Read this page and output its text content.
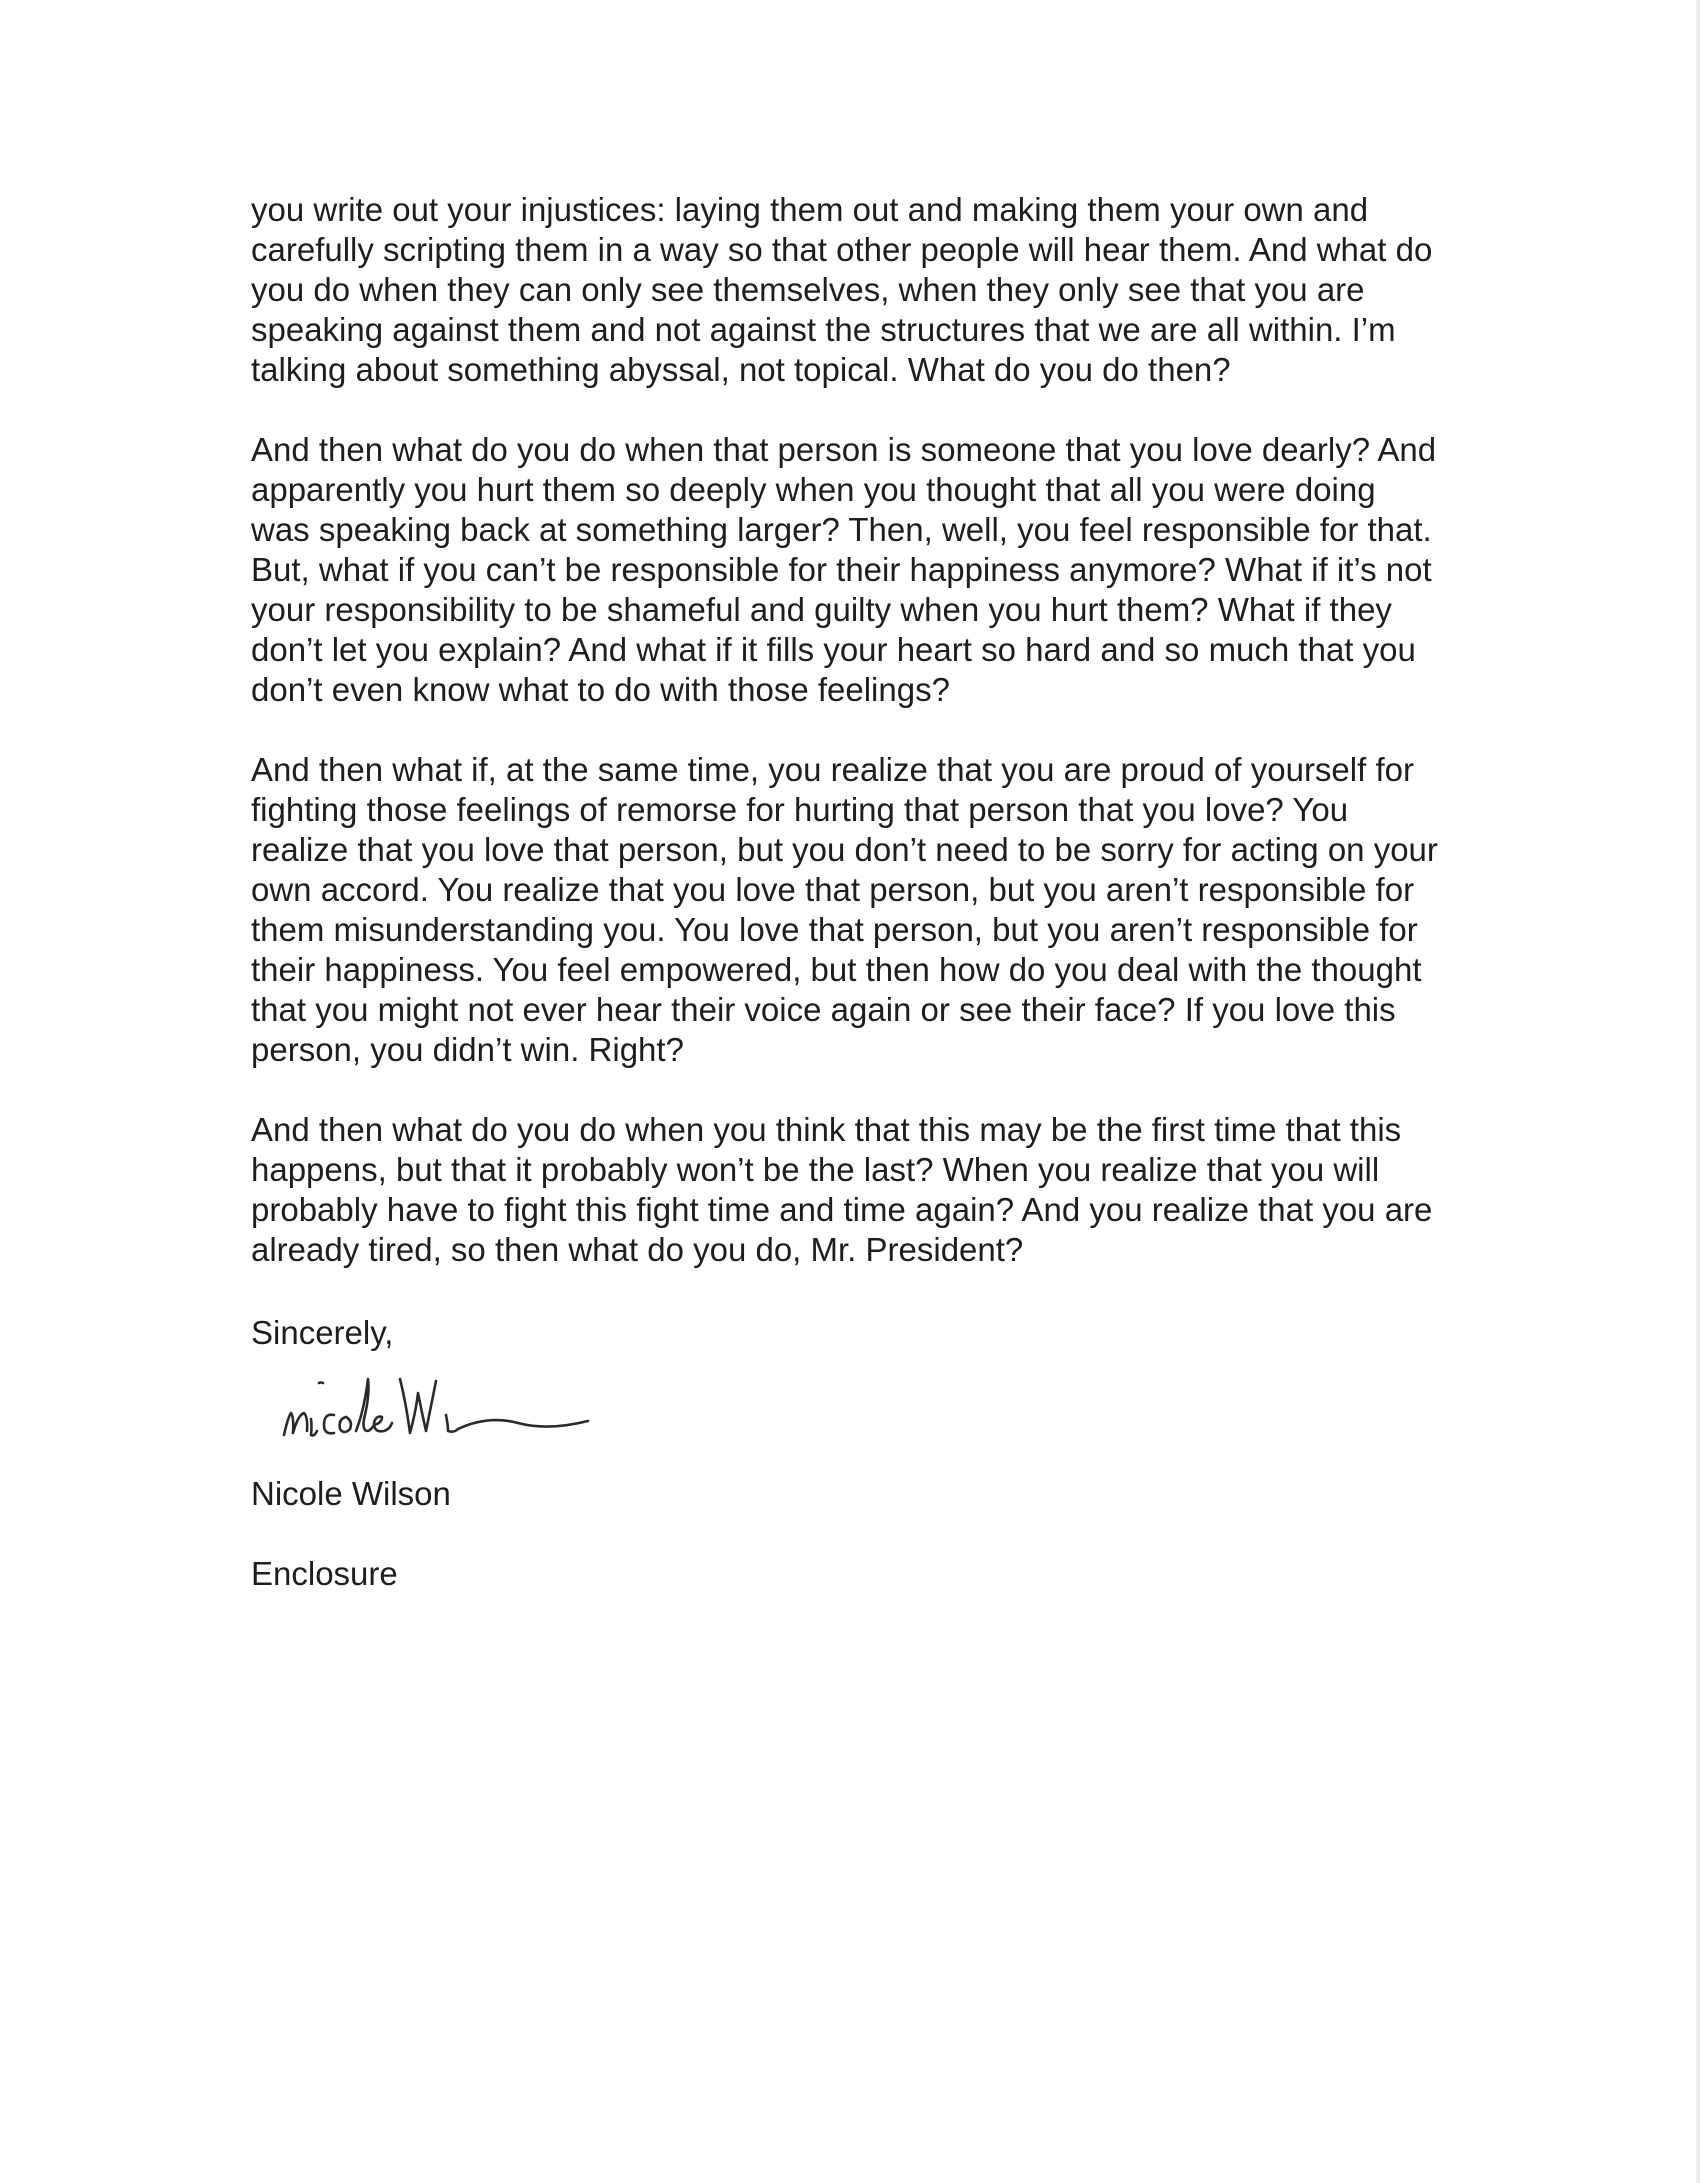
you write out your injustices: laying them out and making them your own and
carefully scripting them in a way so that other people will hear them. And what do
you do when they can only see themselves, when they only see that you are
speaking against them and not against the structures that we are all within. I’m
talking about something abyssal, not topical. What do you do then?

And then what do you do when that person is someone that you love dearly? And
apparently you hurt them so deeply when you thought that all you were doing
was speaking back at something larger? Then, well, you feel responsible for that.
But, what if you can’t be responsible for their happiness anymore? What if it’s not
your responsibility to be shameful and guilty when you hurt them? What if they
don’t let you explain? And what if it fills your heart so hard and so much that you
don’t even know what to do with those feelings?

And then what if, at the same time, you realize that you are proud of yourself for
fighting those feelings of remorse for hurting that person that you love? You
realize that you love that person, but you don’t need to be sorry for acting on your
own accord. You realize that you love that person, but you aren’t responsible for
them misunderstanding you. You love that person, but you aren’t responsible for
their happiness. You feel empowered, but then how do you deal with the thought
that you might not ever hear their voice again or see their face? If you love this
person, you didn’t win. Right?

And then what do you do when you think that this may be the first time that this
happens, but that it probably won’t be the last? When you realize that you will
probably have to fight this fight time and time again? And you realize that you are
already tired, so then what do you do, Mr. President?

Sincerely,
Nicole Wilson
Enclosure
